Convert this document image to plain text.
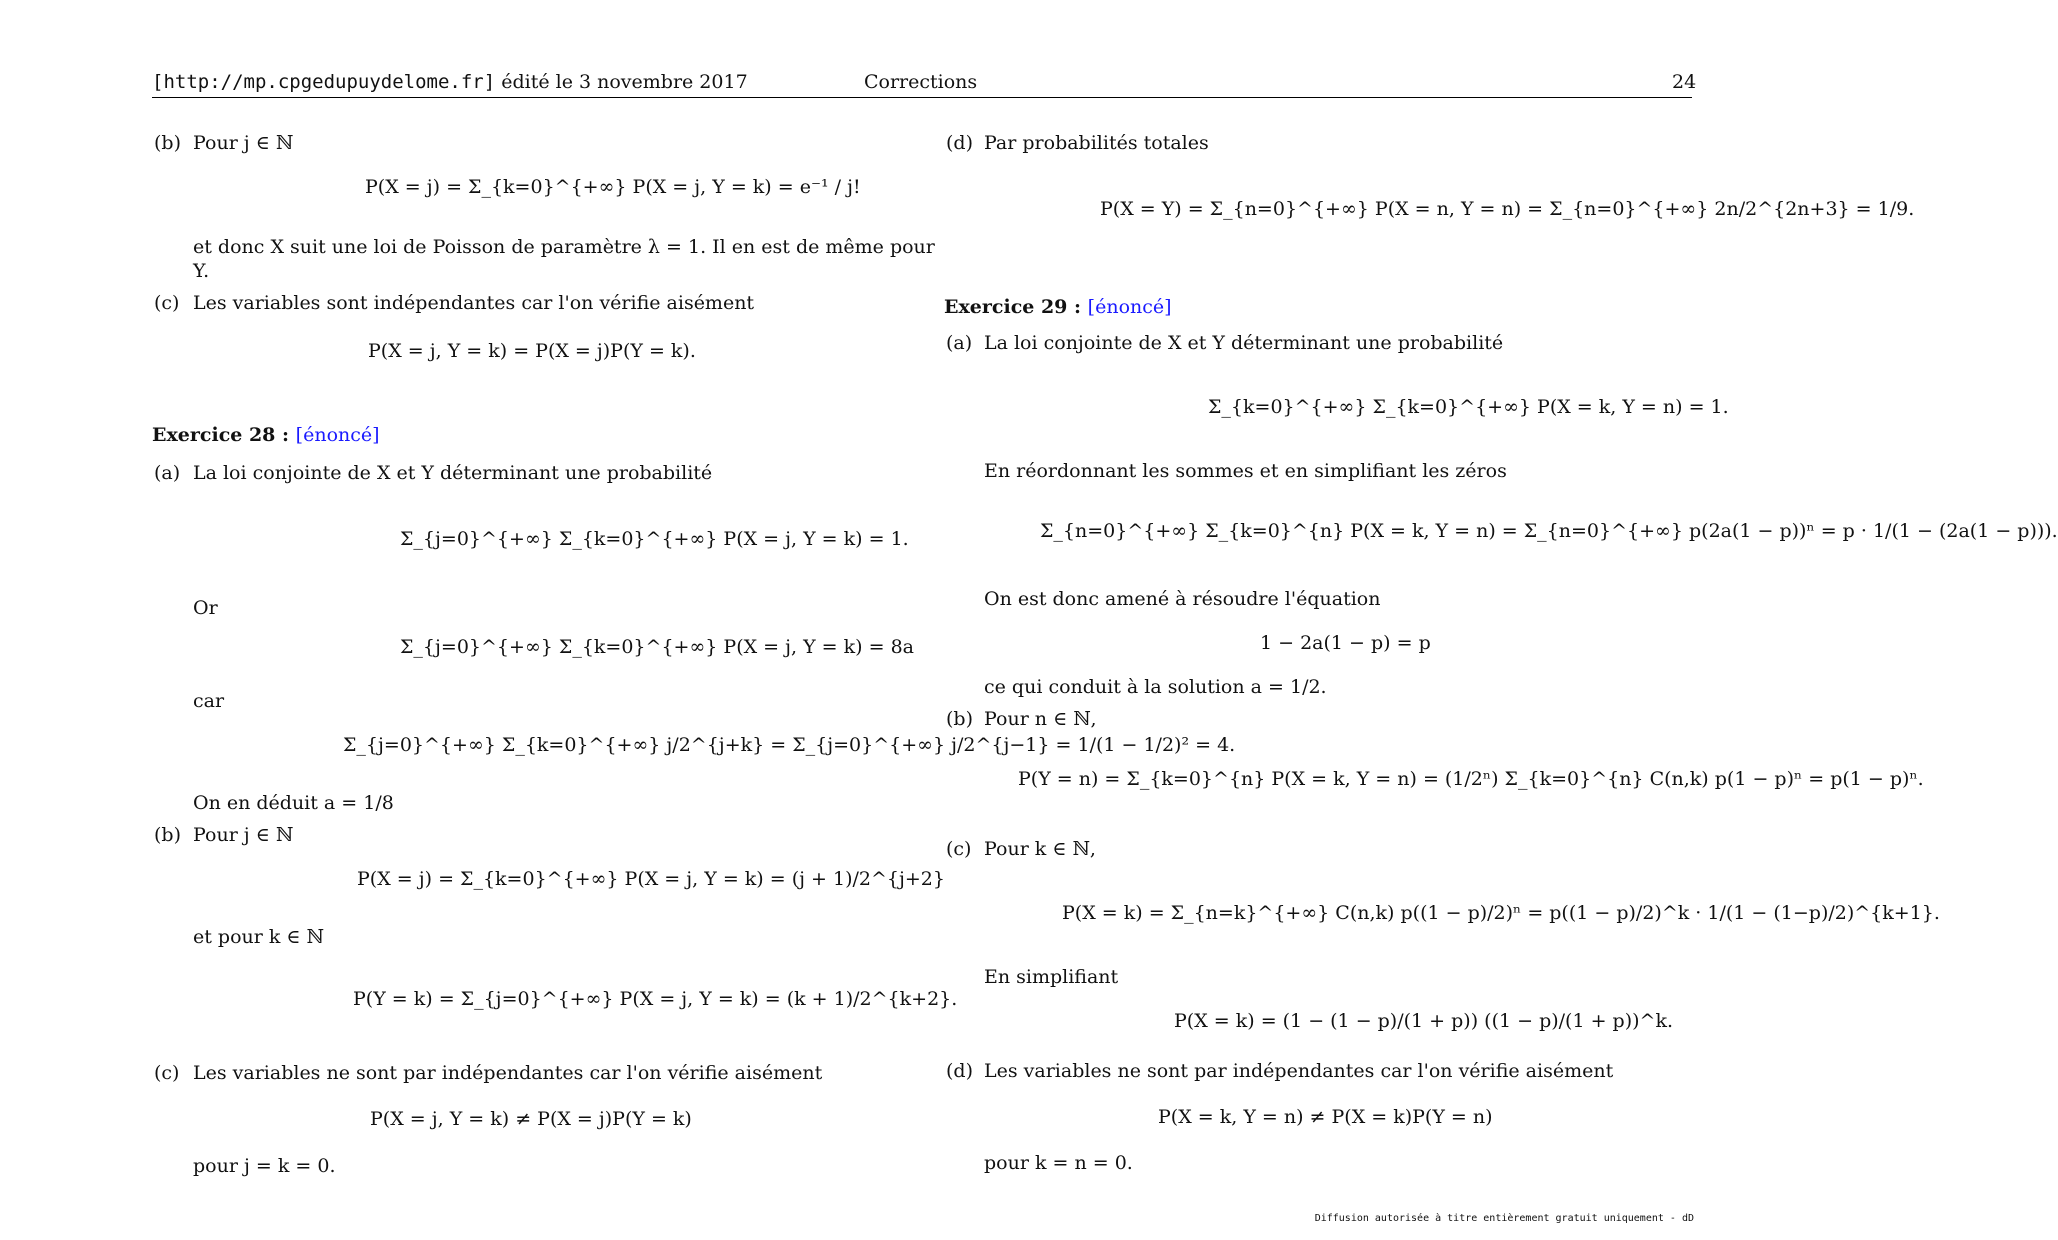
[http://mp.cpgedupuydelome.fr] édité le 3 novembre 2017	Corrections	24
(b) Pour j ∈ ℕ
P(X = j) = Σ_{k=0}^{+∞} P(X = j, Y = k) = e⁻¹ / j!
et donc X suit une loi de Poisson de paramètre λ = 1. Il en est de même pour
Y.
(c) Les variables sont indépendantes car l'on vérifie aisément
P(X = j, Y = k) = P(X = j)P(Y = k).
Exercice 28 : [énoncé]
(a) La loi conjointe de X et Y déterminant une probabilité
Σ_{j=0}^{+∞} Σ_{k=0}^{+∞} P(X = j, Y = k) = 1.
Or
Σ_{j=0}^{+∞} Σ_{k=0}^{+∞} P(X = j, Y = k) = 8a
car
Σ_{j=0}^{+∞} Σ_{k=0}^{+∞} j/2^{j+k} = Σ_{j=0}^{+∞} j/2^{j−1} = 1/(1 − 1/2)² = 4.
On en déduit a = 1/8
(b) Pour j ∈ ℕ
P(X = j) = Σ_{k=0}^{+∞} P(X = j, Y = k) = (j + 1)/2^{j+2}
et pour k ∈ ℕ
P(Y = k) = Σ_{j=0}^{+∞} P(X = j, Y = k) = (k + 1)/2^{k+2}.
(c) Les variables ne sont par indépendantes car l'on vérifie aisément
P(X = j, Y = k) ≠ P(X = j)P(Y = k)
pour j = k = 0.
(d) Par probabilités totales
P(X = Y) = Σ_{n=0}^{+∞} P(X = n, Y = n) = Σ_{n=0}^{+∞} 2n/2^{2n+3} = 1/9.
Exercice 29 : [énoncé]
(a) La loi conjointe de X et Y déterminant une probabilité
Σ_{k=0}^{+∞} Σ_{k=0}^{+∞} P(X = k, Y = n) = 1.
En réordonnant les sommes et en simplifiant les zéros
Σ_{n=0}^{+∞} Σ_{k=0}^{n} P(X = k, Y = n) = Σ_{n=0}^{+∞} p(2a(1 − p))ⁿ = p · 1/(1 − (2a(1 − p))).
On est donc amené à résoudre l'équation
1 − 2a(1 − p) = p
ce qui conduit à la solution a = 1/2.
(b) Pour n ∈ ℕ,
P(Y = n) = Σ_{k=0}^{n} P(X = k, Y = n) = (1/2ⁿ) Σ_{k=0}^{n} C(n,k) p(1 − p)ⁿ = p(1 − p)ⁿ.
(c) Pour k ∈ ℕ,
P(X = k) = Σ_{n=k}^{+∞} C(n,k) p((1 − p)/2)ⁿ = p((1 − p)/2)^k · 1/(1 − (1−p)/2)^{k+1}.
En simplifiant
P(X = k) = (1 − (1 − p)/(1 + p)) ((1 − p)/(1 + p))^k.
(d) Les variables ne sont par indépendantes car l'on vérifie aisément
P(X = k, Y = n) ≠ P(X = k)P(Y = n)
pour k = n = 0.
Diffusion autorisée à titre entièrement gratuit uniquement - dD
